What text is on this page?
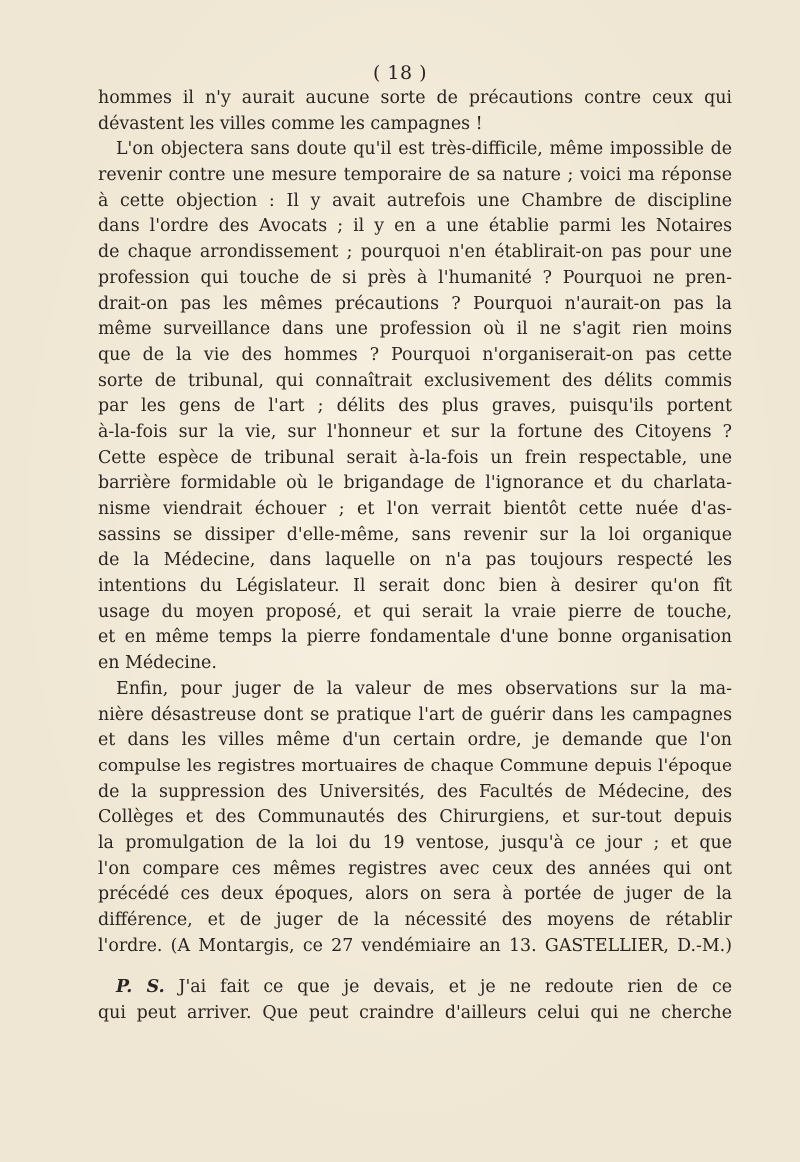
( 18 )
hommes il n'y aurait aucune sorte de précautions contre ceux qui
dévastent les villes comme les campagnes !
L'on objectera sans doute qu'il est très-difficile, même impossible de
revenir contre une mesure temporaire de sa nature ; voici ma réponse
à cette objection : Il y avait autrefois une Chambre de discipline
dans l'ordre des Avocats ; il y en a une établie parmi les Notaires
de chaque arrondissement ; pourquoi n'en établirait-on pas pour une
profession qui touche de si près à l'humanité ? Pourquoi ne pren-
drait-on pas les mêmes précautions ? Pourquoi n'aurait-on pas la
même surveillance dans une profession où il ne s'agit rien moins
que de la vie des hommes ? Pourquoi n'organiserait-on pas cette
sorte de tribunal, qui connaîtrait exclusivement des délits commis
par les gens de l'art ; délits des plus graves, puisqu'ils portent
à-la-fois sur la vie, sur l'honneur et sur la fortune des Citoyens ?
Cette espèce de tribunal serait à-la-fois un frein respectable, une
barrière formidable où le brigandage de l'ignorance et du charlata-
nisme viendrait échouer ; et l'on verrait bientôt cette nuée d'as-
sassins se dissiper d'elle-même, sans revenir sur la loi organique
de la Médecine, dans laquelle on n'a pas toujours respecté les
intentions du Législateur. Il serait donc bien à desirer qu'on fît
usage du moyen proposé, et qui serait la vraie pierre de touche,
et en même temps la pierre fondamentale d'une bonne organisation
en Médecine.
Enfin, pour juger de la valeur de mes observations sur la ma-
nière désastreuse dont se pratique l'art de guérir dans les campagnes
et dans les villes même d'un certain ordre, je demande que l'on
compulse les registres mortuaires de chaque Commune depuis l'époque
de la suppression des Universités, des Facultés de Médecine, des
Collèges et des Communautés des Chirurgiens, et sur-tout depuis
la promulgation de la loi du 19 ventose, jusqu'à ce jour ; et que
l'on compare ces mêmes registres avec ceux des années qui ont
précédé ces deux époques, alors on sera à portée de juger de la
différence, et de juger de la nécessité des moyens de rétablir
l'ordre. (A Montargis, ce 27 vendémiaire an 13. GASTELLIER, D.-M.)
P. S. J'ai fait ce que je devais, et je ne redoute rien de ce
qui peut arriver. Que peut craindre d'ailleurs celui qui ne cherche
